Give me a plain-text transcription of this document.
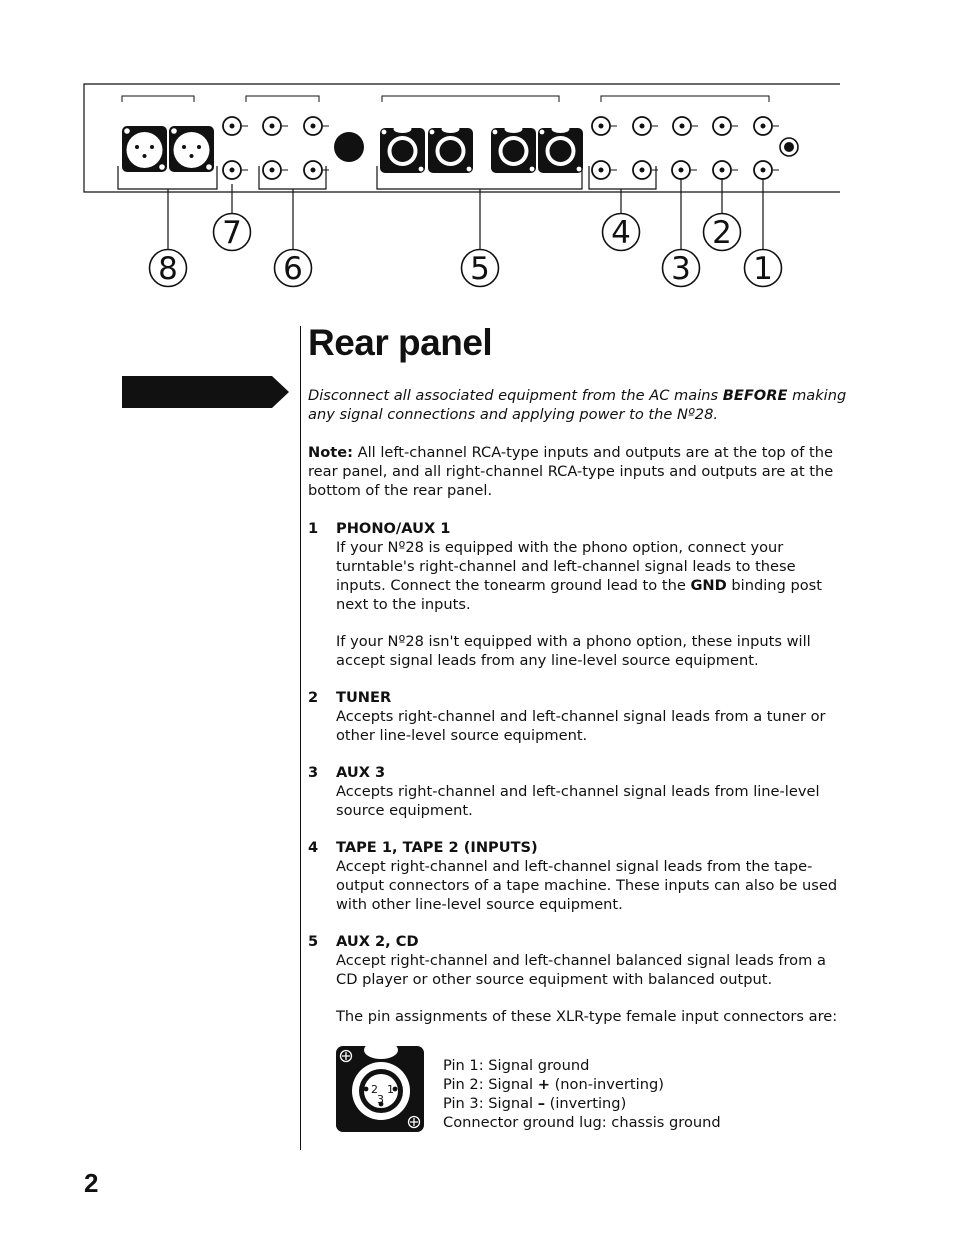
1
2
3
4
5
6
7
8
Rear panel

Disconnect all associated equipment from the AC mains BEFORE making any signal connections and applying power to the Nº28.

Note: All left-channel RCA-type inputs and outputs are at the top of the rear panel, and all right-channel RCA-type inputs and outputs are at the bottom of the rear panel.

1	PHONO/AUX 1

If your Nº28 is equipped with the phono option, connect your turntable's right-channel and left-channel signal leads to these inputs. Connect the tonearm ground lead to the GND binding post next to the inputs.

If your Nº28 isn't equipped with a phono option, these inputs will accept signal leads from any line-level source equipment.

2	TUNER

Accepts right-channel and left-channel signal leads from a tuner or other line-level source equipment.

3	AUX 3

Accepts right-channel and left-channel signal leads from line-level source equipment.

4	TAPE 1, TAPE 2 (INPUTS)

Accept right-channel and left-channel signal leads from the tape-output connectors of a tape machine. These inputs can also be used with other line-level source equipment.

5	AUX 2, CD

Accept right-channel and left-channel balanced signal leads from a CD player or other source equipment with balanced output.

The pin assignments of these XLR-type female input connectors are:

2 1
3
Pin 1: Signal ground
Pin 2: Signal + (non-inverting)
Pin 3: Signal – (inverting)
Connector ground lug: chassis ground
2
